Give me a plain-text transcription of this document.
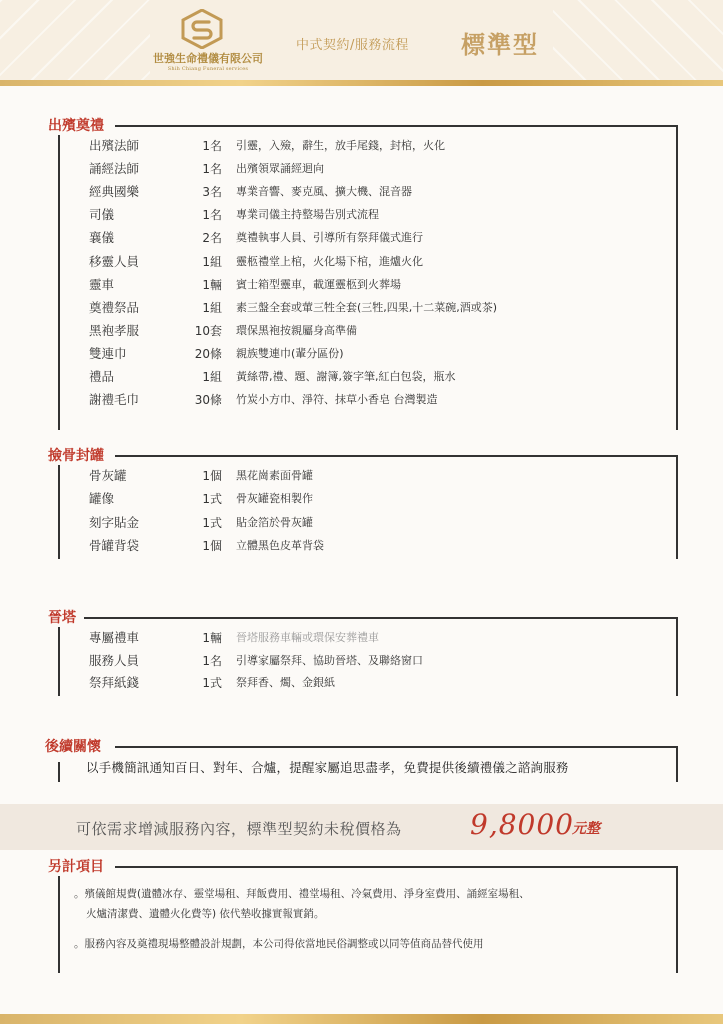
世強生命禮儀有限公司
Shih Chiang Funeral services
中式契約/服務流程 標準型
出殯奠禮
出殯法師	1名 引靈，入殮，辭生，放手尾錢，封棺，火化
誦經法師	1名 出殯領眾誦經迴向
經典國樂	3名 專業音響、麥克風、擴大機、混音器
司儀	1名 專業司儀主持整場告別式流程
襄儀	2名 奠禮執事人員、引導所有祭拜儀式進行
移靈人員	1組 靈柩禮堂上棺，火化場下棺，進爐火化
靈車	1輛 賓士箱型靈車，載運靈柩到火葬場
奠禮祭品	1組 素三盤全套或葷三牲全套(三牲,四果,十二菜碗,酒或茶)
黑袍孝服	10套 環保黑袍按親屬身高準備
雙連巾	20條 親族雙連巾(輩分區份)
禮品	1組 黃絲帶,禮、題、謝簿,簽字筆,紅白包袋，瓶水
謝禮毛巾	30條 竹炭小方巾、淨符、抹草小香皂 台灣製造
撿骨封罐
骨灰罐	1個 黑花崗素面骨罐
罐像	1式 骨灰罐瓷相製作
刻字貼金	1式 貼金箔於骨灰罐
骨罐背袋	1個 立體黑色皮革背袋
晉塔
專屬禮車	1輛 晉塔服務車輛或環保安葬禮車
服務人員	1名 引導家屬祭拜、協助晉塔、及聯絡窗口
祭拜紙錢	1式 祭拜香、燭、金銀紙
後續關懷
以手機簡訊通知百日、對年、合爐，提醒家屬追思盡孝，免費提供後續禮儀之諮詢服務
可依需求增減服務內容，標準型契約未稅價格為 9,8000
元整
另計項目
。殯儀館規費(遺體冰存、靈堂場租、拜飯費用、禮堂場租、冷氣費用、淨身室費用、誦經室場租、
火爐清潔費、遺體火化費等) 依代墊收據實報實銷。
。服務內容及奠禮現場整體設計規劃，本公司得依當地民俗調整或以同等值商品替代使用
